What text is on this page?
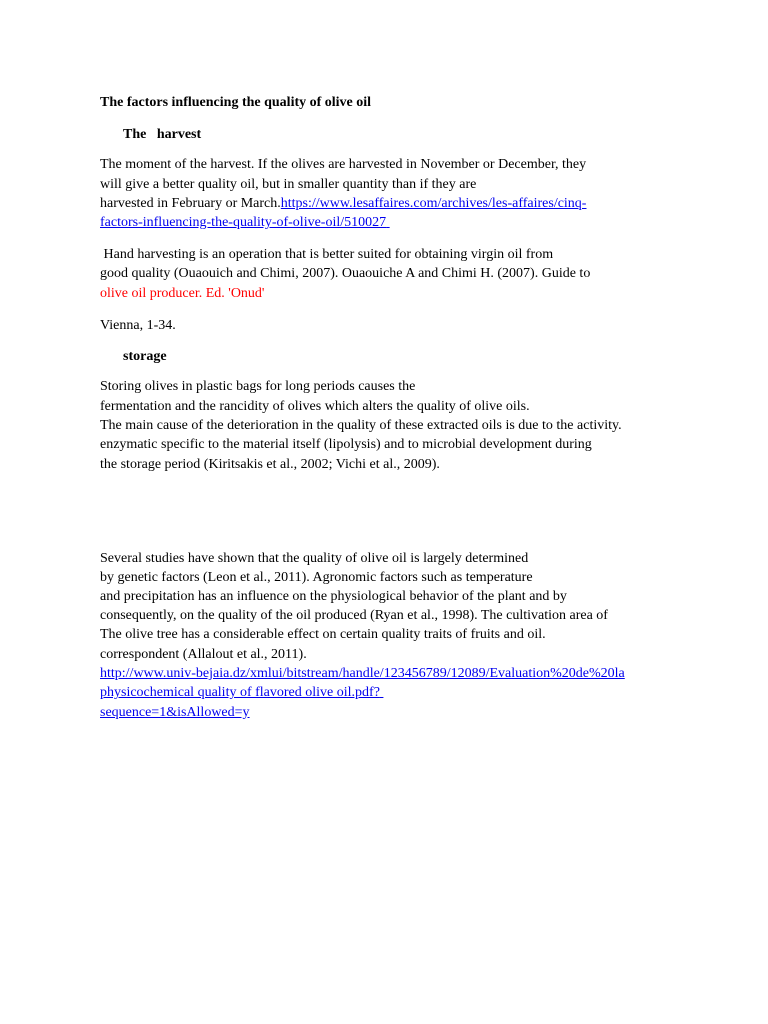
The factors influencing the quality of olive oil
The   harvest
The moment of the harvest. If the olives are harvested in November or December, they
will give a better quality oil, but in smaller quantity than if they are
harvested in February or March.https://www.lesaffaires.com/archives/les-affaires/cinq-
factors-influencing-the-quality-of-olive-oil/510027
Hand harvesting is an operation that is better suited for obtaining virgin oil from
good quality (Ouaouich and Chimi, 2007). Ouaouiche A and Chimi H. (2007). Guide to
olive oil producer. Ed. 'Onud'
Vienna, 1-34.
storage
Storing olives in plastic bags for long periods causes the
fermentation and the rancidity of olives which alters the quality of olive oils.
The main cause of the deterioration in the quality of these extracted oils is due to the activity.
enzymatic specific to the material itself (lipolysis) and to microbial development during
the storage period (Kiritsakis et al., 2002; Vichi et al., 2009).
Several studies have shown that the quality of olive oil is largely determined
by genetic factors (Leon et al., 2011). Agronomic factors such as temperature
and precipitation has an influence on the physiological behavior of the plant and by
consequently, on the quality of the oil produced (Ryan et al., 1998). The cultivation area of
The olive tree has a considerable effect on certain quality traits of fruits and oil.
correspondent (Allalout et al., 2011).
http://www.univ-bejaia.dz/xmlui/bitstream/handle/123456789/12089/Evaluation%20de%20la
physicochemical quality of flavored olive oil.pdf?
sequence=1&isAllowed=y
